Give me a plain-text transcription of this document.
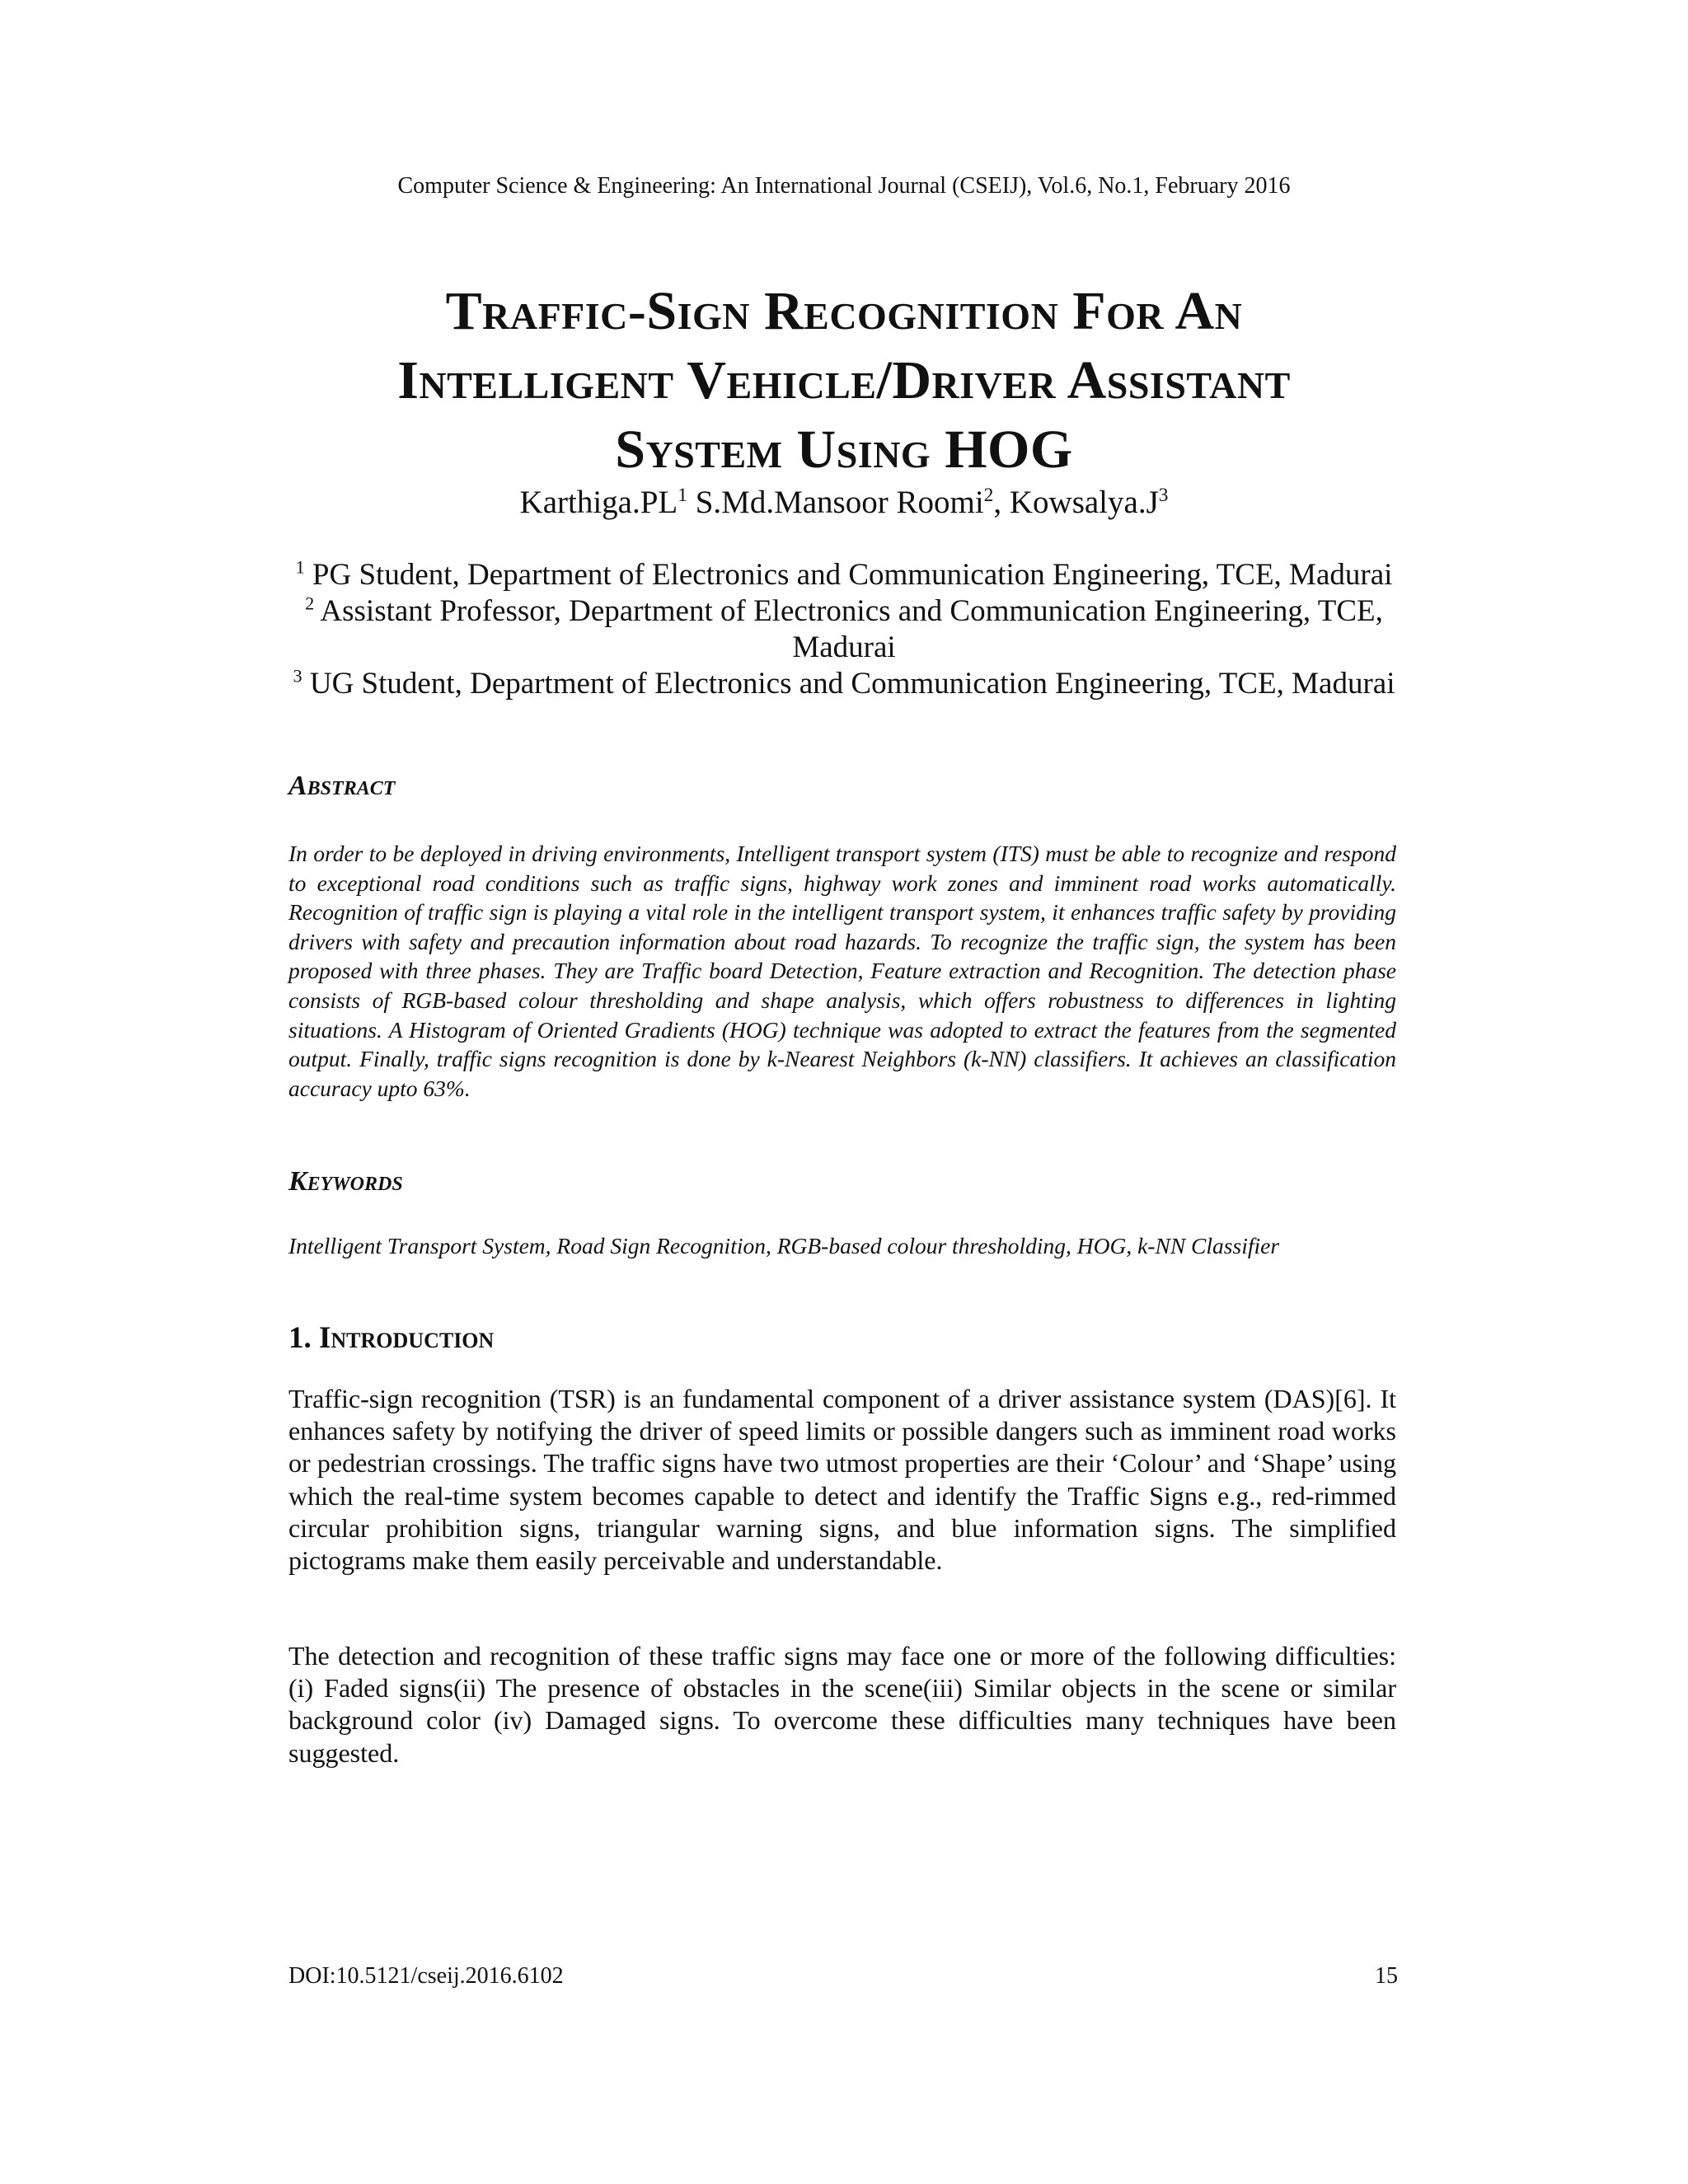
Computer Science & Engineering: An International Journal (CSEIJ), Vol.6, No.1, February 2016
Traffic-Sign Recognition For An
Intelligent Vehicle/Driver Assistant
System Using HOG
$Karthiga.PL^1$ S.Md.Mansoor Roomi$^2$, $Kowsalya.J^3$
$^1$ PG Student, Department of Electronics and Communication Engineering, TCE, Madurai
$^2$ Assistant Professor, Department of Electronics and Communication Engineering, TCE, Madurai
$^3$ UG Student, Department of Electronics and Communication Engineering, TCE, Madurai
Abstract
In order to be deployed in driving environments, Intelligent transport system (ITS) must be able to recognize and respond to exceptional road conditions such as traffic signs, highway work zones and imminent road works automatically. Recognition of traffic sign is playing a vital role in the intelligent transport system, it enhances traffic safety by providing drivers with safety and precaution information about road hazards. To recognize the traffic sign, the system has been proposed with three phases. They are Traffic board Detection, Feature extraction and Recognition. The detection phase consists of RGB-based colour thresholding and shape analysis, which offers robustness to differences in lighting situations. A Histogram of Oriented Gradients (HOG) technique was adopted to extract the features from the segmented output. Finally, traffic signs recognition is done by k-Nearest Neighbors (k-NN) classifiers. It achieves an classification accuracy upto 63%.
Keywords
Intelligent Transport System, Road Sign Recognition, RGB-based colour thresholding, HOG, k-NN Classifier
1. Introduction
Traffic-sign recognition (TSR) is an fundamental component of a driver assistance system (DAS)[6]. It enhances safety by notifying the driver of speed limits or possible dangers such as imminent road works or pedestrian crossings. The traffic signs have two utmost properties are their ‘Colour’ and ‘Shape’ using which the real-time system becomes capable to detect and identify the Traffic Signs e.g., red-rimmed circular prohibition signs, triangular warning signs, and blue information signs. The simplified pictograms make them easily perceivable and understandable.
The detection and recognition of these traffic signs may face one or more of the following difficulties: (i) Faded signs(ii) The presence of obstacles in the scene(iii) Similar objects in the scene or similar background color (iv) Damaged signs. To overcome these difficulties many techniques have been suggested.
DOI:10.5121/cseij.2016.6102	15
